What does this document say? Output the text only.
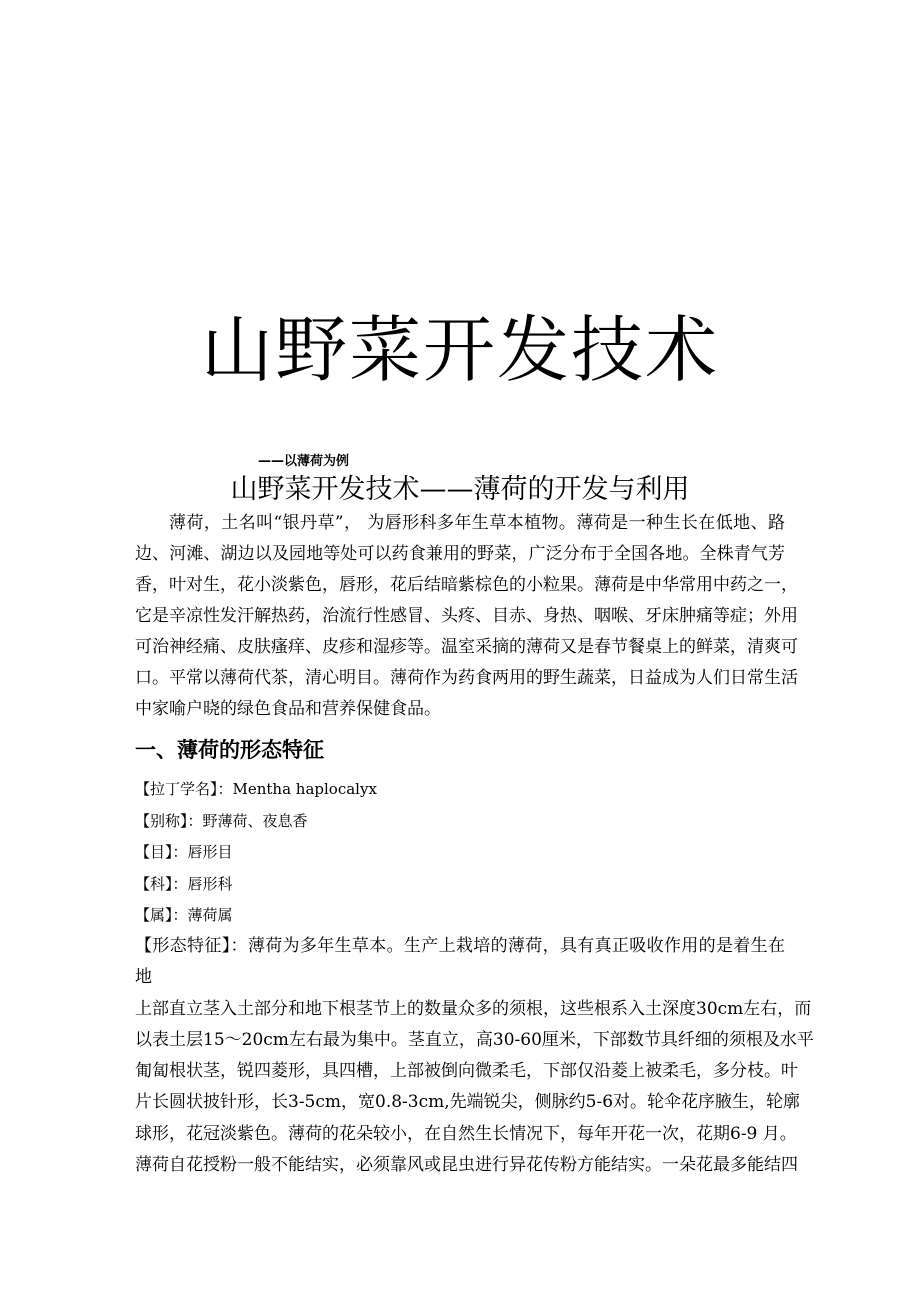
山野菜开发技术
——以薄荷为例
山野菜开发技术——薄荷的开发与利用
薄荷，土名叫“银丹草”， 为唇形科多年生草本植物。薄荷是一种生长在低地、路
边、河滩、湖边以及园地等处可以药食兼用的野菜，广泛分布于全国各地。全株青气芳
香，叶对生，花小淡紫色，唇形，花后结暗紫棕色的小粒果。薄荷是中华常用中药之一，
它是辛凉性发汗解热药，治流行性感冒、头疼、目赤、身热、咽喉、牙床肿痛等症；外用
可治神经痛、皮肤瘙痒、皮疹和湿疹等。温室采摘的薄荷又是春节餐桌上的鲜菜，清爽可
口。平常以薄荷代茶，清心明目。薄荷作为药食两用的野生蔬菜，日益成为人们日常生活
中家喻户晓的绿色食品和营养保健食品。
一、薄荷的形态特征
【拉丁学名】：Mentha haplocalyx
【别称】：野薄荷、夜息香
【目】：唇形目
【科】：唇形科
【属】：薄荷属
【形态特征】：薄荷为多年生草本。生产上栽培的薄荷，具有真正吸收作用的是着生在
地
上部直立茎入土部分和地下根茎节上的数量众多的须根，这些根系入土深度30cm左右，而
以表土层15～20cm左右最为集中。茎直立，高30-60厘米，下部数节具纤细的须根及水平
匍匐根状茎，锐四菱形，具四槽，上部被倒向微柔毛，下部仅沿菱上被柔毛，多分枝。叶
片长圆状披针形，长3-5cm，宽0.8-3cm,先端锐尖，侧脉约5-6对。轮伞花序腋生，轮廓
球形，花冠淡紫色。薄荷的花朵较小，在自然生长情况下，每年开花一次，花期6-9 月。
薄荷自花授粉一般不能结实，必须靠风或昆虫进行异花传粉方能结实。一朵花最多能结四
